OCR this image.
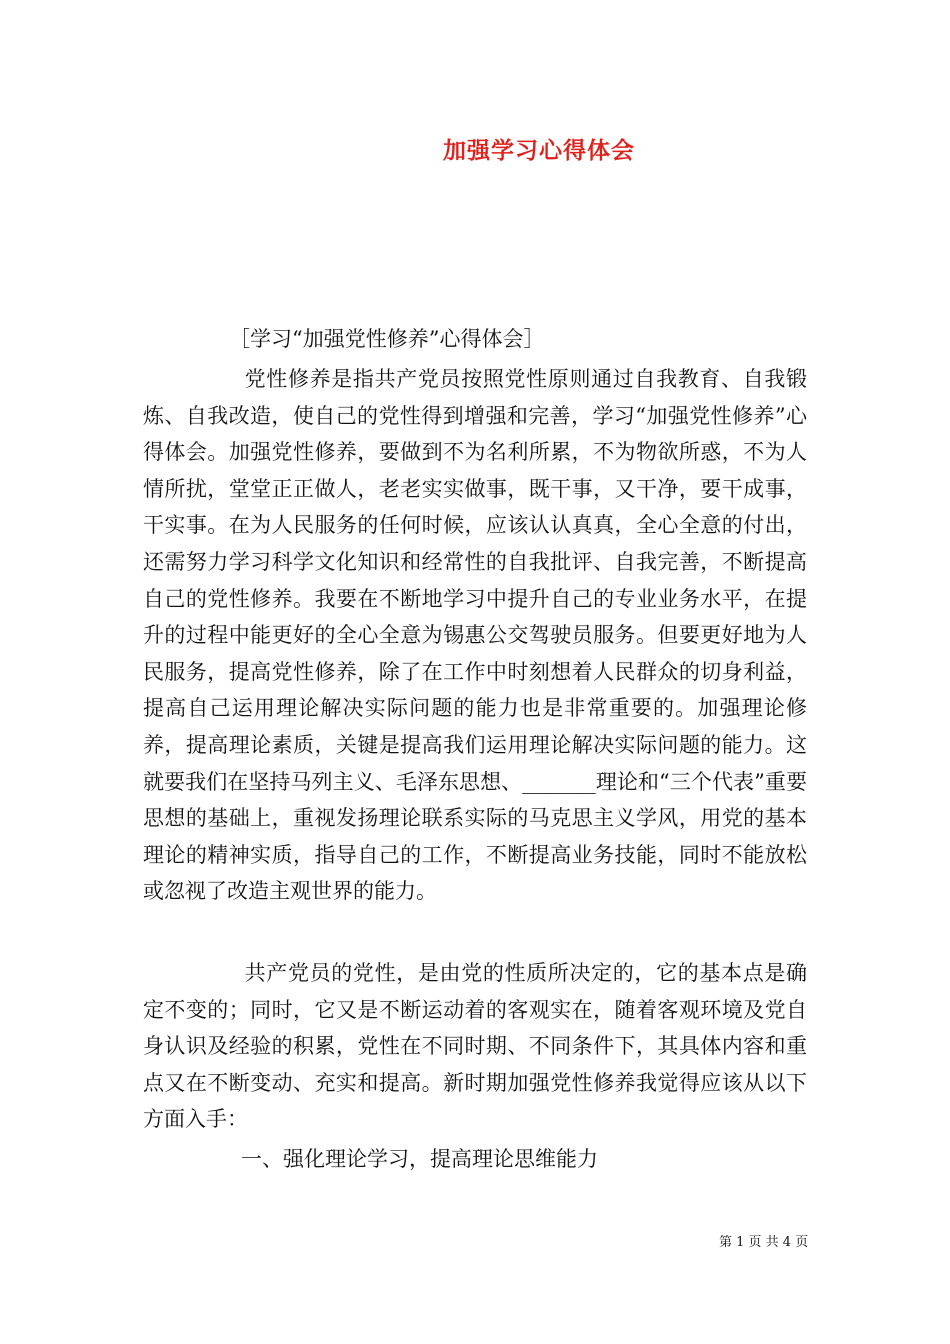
加强学习心得体会
［学习“加强党性修养”心得体会］

党性修养是指共产党员按照党性原则通过自我教育、自我锻炼、自我改造，使自己的党性得到增强和完善，学习“加强党性修养”心得体会。加强党性修养，要做到不为名利所累，不为物欲所惑，不为人情所扰，堂堂正正做人，老老实实做事，既干事，又干净，要干成事，干实事。在为人民服务的任何时候，应该认认真真，全心全意的付出，还需努力学习科学文化知识和经常性的自我批评、自我完善，不断提高自己的党性修养。我要在不断地学习中提升自己的专业业务水平，在提升的过程中能更好的全心全意为锡惠公交驾驶员服务。但要更好地为人民服务，提高党性修养，除了在工作中时刻想着人民群众的切身利益，提高自己运用理论解决实际问题的能力也是非常重要的。加强理论修养，提高理论素质，关键是提高我们运用理论解决实际问题的能力。这就要我们在坚持马列主义、毛泽东思想、_______理论和“三个代表”重要思想的基础上，重视发扬理论联系实际的马克思主义学风，用党的基本理论的精神实质，指导自己的工作，不断提高业务技能，同时不能放松或忽视了改造主观世界的能力。

共产党员的党性，是由党的性质所决定的，它的基本点是确定不变的；同时，它又是不断运动着的客观实在，随着客观环境及党自身认识及经验的积累，党性在不同时期、不同条件下，其具体内容和重点又在不断变动、充实和提高。新时期加强党性修养我觉得应该从以下方面入手：

一、强化理论学习，提高理论思维能力

第 1 页 共 4 页
